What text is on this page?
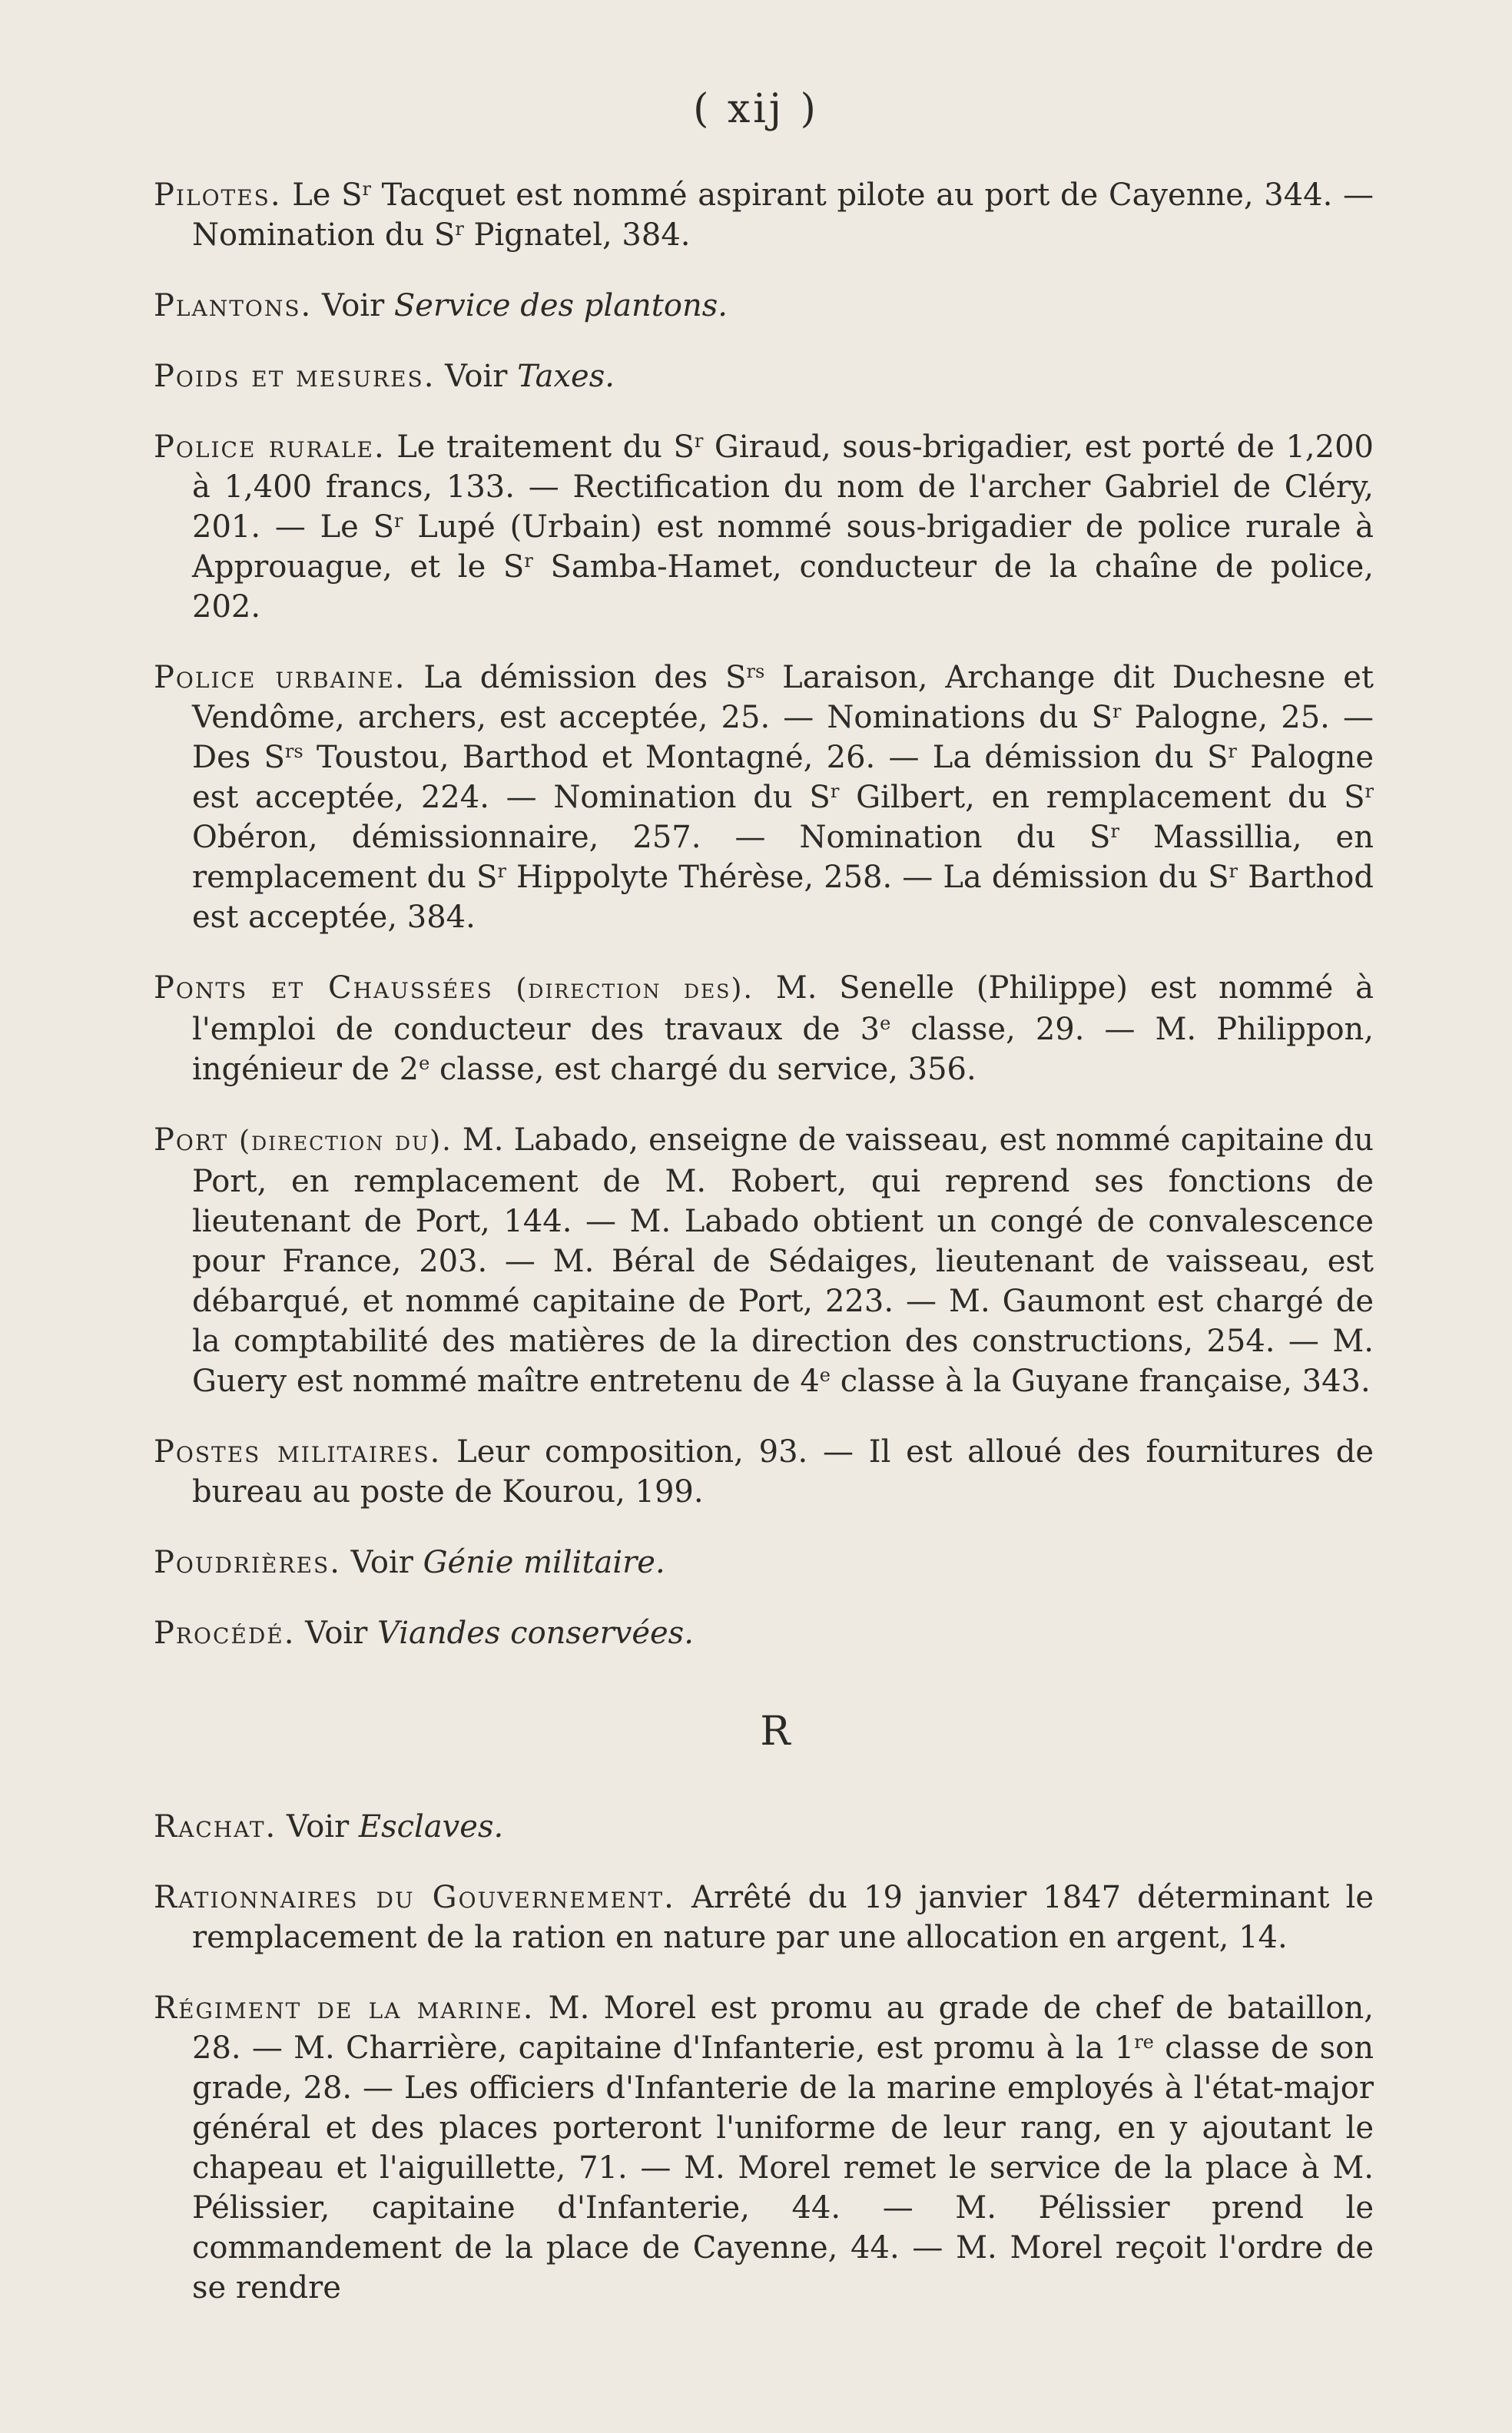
( xij )

Pilotes. Le $S^r$ Tacquet est nommé aspirant pilote au port de Cayenne, 344. — Nomination du $S^r$ Pignatel, 384.

Plantons. Voir Service des plantons.

Poids et mesures. Voir Taxes.

Police rurale. Le traitement du $S^r$ Giraud, sous-brigadier, est porté de 1,200 à 1,400 francs, 133. — Rectification du nom de l'archer Gabriel de Cléry, 201. — Le $S^r$ Lupé (Urbain) est nommé sous-brigadier de police rurale à Approuague, et le $S^r$ Samba-Hamet, conducteur de la chaîne de police, 202.

Police urbaine. La démission des $S^{rs}$ Laraison, Archange dit Duchesne et Vendôme, archers, est acceptée, 25. — Nominations du $S^r$ Palogne, 25. — Des $S^{rs}$ Toustou, Barthod et Montagné, 26. — La démission du $S^r$ Palogne est acceptée, 224. — Nomination du $S^r$ Gilbert, en remplacement du $S^r$ Obéron, démissionnaire, 257. — Nomination du $S^r$ Massillia, en remplacement du $S^r$ Hippolyte Thérèse, 258. — La démission du $S^r$ Barthod est acceptée, 384.

Ponts et Chaussées (direction des). M. Senelle (Philippe) est nommé à l'emploi de conducteur des travaux de 3e classe, 29. — M. Philippon, ingénieur de 2e classe, est chargé du service, 356.

Port (direction du). M. Labado, enseigne de vaisseau, est nommé capitaine du Port, en remplacement de M. Robert, qui reprend ses fonctions de lieutenant de Port, 144. — M. Labado obtient un congé de convalescence pour France, 203. — M. Béral de Sédaiges, lieutenant de vaisseau, est débarqué, et nommé capitaine de Port, 223. — M. Gaumont est chargé de la comptabilité des matières de la direction des constructions, 254. — M. Guery est nommé maître entretenu de 4e classe à la Guyane française, 343.

Postes militaires. Leur composition, 93. — Il est alloué des fournitures de bureau au poste de Kourou, 199.

Poudrières. Voir Génie militaire.

Procédé. Voir Viandes conservées.

R

Rachat. Voir Esclaves.

Rationnaires du Gouvernement. Arrêté du 19 janvier 1847 déterminant le remplacement de la ration en nature par une allocation en argent, 14.

Régiment de la marine. M. Morel est promu au grade de chef de bataillon, 28. — M. Charrière, capitaine d'Infanterie, est promu à la 1re classe de son grade, 28. — Les officiers d'Infanterie de la marine employés à l'état-major général et des places porteront l'uniforme de leur rang, en y ajoutant le chapeau et l'aiguillette, 71. — M. Morel remet le service de la place à M. Pélissier, capitaine d'Infanterie, 44. — M. Pélissier prend le commandement de la place de Cayenne, 44. — M. Morel reçoit l'ordre de se rendre
